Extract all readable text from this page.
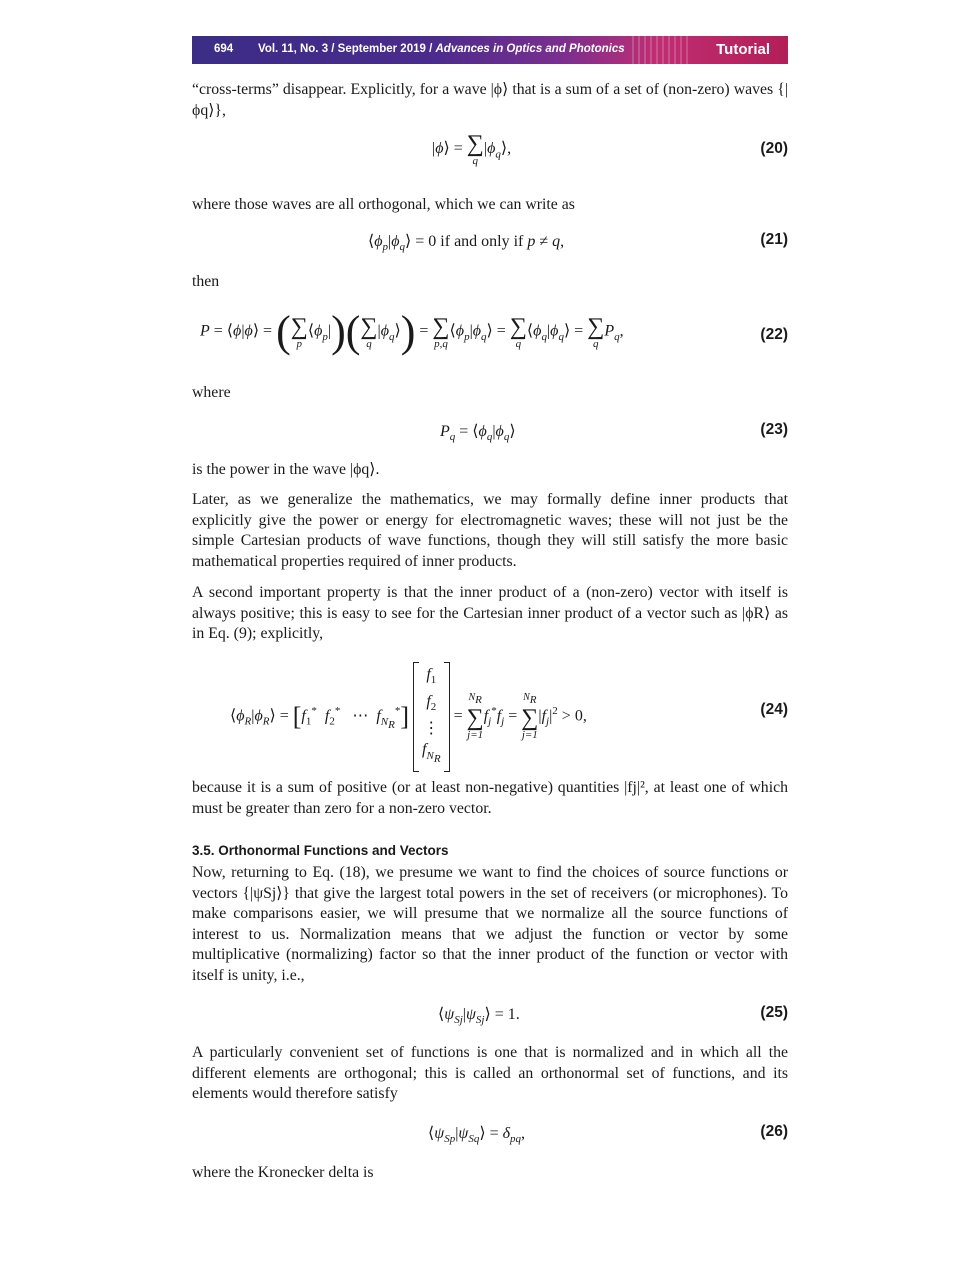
694 Vol. 11, No. 3 / September 2019 / Advances in Optics and Photonics	Tutorial

“cross-terms” disappear. Explicitly, for a wave |ϕ⟩ that is a sum of a set of (non-zero) waves {|ϕq⟩},

|ϕ⟩ = ∑
q
$|\phi_q⟩$,	(20)

where those waves are all orthogonal, which we can write as

$⟨\phi_p|\phi_q⟩ = 0$ if and only if p ≠ q,	(21)

then

P = ⟨ϕ|ϕ⟩ = ( ∑
p
$⟨\phi_p|$)( ∑
q
$|\phi_q⟩$) = ∑
p,q
$⟨\phi_p|\phi_q⟩$ = ∑
q
$⟨\phi_q|\phi_q⟩$ = ∑
q
$P_q$,	(22)

where

$P_q$ = $⟨\phi_q|\phi_q⟩$	(23)

is the power in the wave |ϕq⟩.

Later, as we generalize the mathematics, we may formally define inner products that explicitly give the power or energy for electromagnetic waves; these will not just be the simple Cartesian products of wave functions, though they will still satisfy the more basic mathematical properties required of inner products.

A second important property is that the inner product of a (non-zero) vector with itself is always positive; this is easy to see for the Cartesian inner product of a vector such as |ϕR⟩ as in Eq. (9); explicitly,

$⟨\phi_R|\phi_R⟩ = [f_1^*$ $f_2^*$   ⋯  $f_{N_R}^*$] $f_1$
$f_2$
⋮
$f_{N_R}$ =
$N_R$
∑
j=1
$f_j^*f_j$ =
$N_R$
∑
j=1
$|f_j|^2 > 0$,	(24)

because it is a sum of positive (or at least non-negative) quantities |fj|², at least one of which must be greater than zero for a non-zero vector.

3.5. Orthonormal Functions and Vectors

Now, returning to Eq. (18), we presume we want to find the choices of source functions or vectors {|ψSj⟩} that give the largest total powers in the set of receivers (or microphones). To make comparisons easier, we will presume that we normalize all the source functions of interest to us. Normalization means that we adjust the function or vector by some multiplicative (normalizing) factor so that the inner product of the function or vector with itself is unity, i.e.,

$⟨\psi_{Sj}|\psi_{Sj}⟩ = 1$.	(25)

A particularly convenient set of functions is one that is normalized and in which all the different elements are orthogonal; this is called an orthonormal set of functions, and its elements would therefore satisfy

$⟨\psi_{Sp}|\psi_{Sq}⟩ = \delta_{pq}$,	(26)

where the Kronecker delta is
